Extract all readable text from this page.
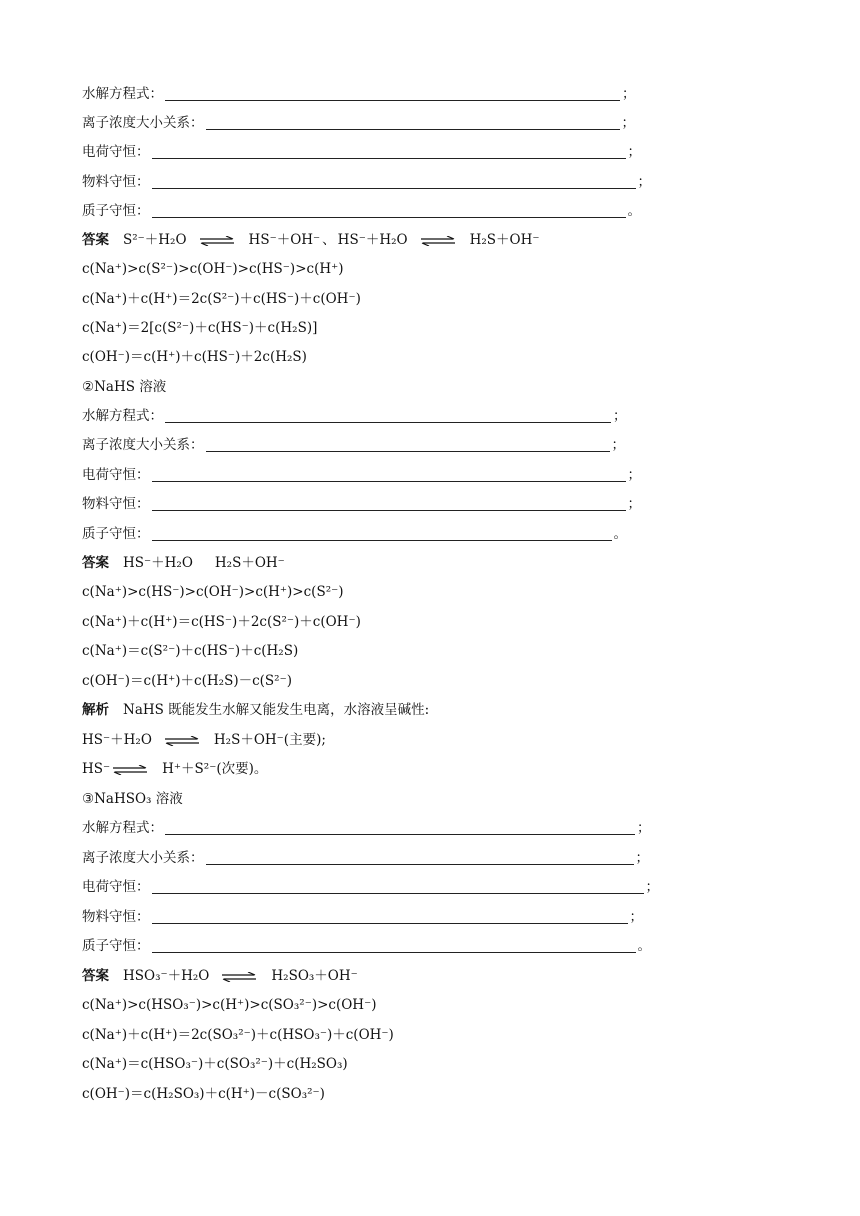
水解方程式：	；
离子浓度大小关系：	；
电荷守恒：	；
物料守恒：	；
质子守恒：	。
答案 S²⁻＋H₂O ⇌ HS⁻＋OH⁻ 、 HS⁻＋H₂O ⇌ H₂S＋OH⁻
c(Na⁺)>c(S²⁻)>c(OH⁻)>c(HS⁻)>c(H⁺)
c(Na⁺)＋c(H⁺)＝2c(S²⁻)＋c(HS⁻)＋c(OH⁻)
c(Na⁺)＝2[c(S²⁻)＋c(HS⁻)＋c(H₂S)]
c(OH⁻)＝c(H⁺)＋c(HS⁻)＋2c(H₂S)
②NaHS 溶液
水解方程式：	；
离子浓度大小关系：	；
电荷守恒：	；
物料守恒：	；
质子守恒：	。
答案 HS⁻＋H₂O H₂S＋OH⁻
c(Na⁺)>c(HS⁻)>c(OH⁻)>c(H⁺)>c(S²⁻)
c(Na⁺)＋c(H⁺)＝c(HS⁻)＋2c(S²⁻)＋c(OH⁻)
c(Na⁺)＝c(S²⁻)＋c(HS⁻)＋c(H₂S)
c(OH⁻)＝c(H⁺)＋c(H₂S)－c(S²⁻)
解析 NaHS 既能发生水解又能发生电离，水溶液呈碱性:
HS⁻＋H₂O ⇌ H₂S＋OH⁻(主要);
HS⁻ ⇌ H⁺＋S²⁻(次要)。
③NaHSO₃ 溶液
水解方程式：	；
离子浓度大小关系：	；
电荷守恒：	；
物料守恒：	；
质子守恒：	。
答案 HSO₃⁻＋H₂O ⇌ H₂SO₃＋OH⁻
c(Na⁺)>c(HSO₃⁻)>c(H⁺)>c(SO₃²⁻)>c(OH⁻)
c(Na⁺)＋c(H⁺)＝2c(SO₃²⁻)＋c(HSO₃⁻)＋c(OH⁻)
c(Na⁺)＝c(HSO₃⁻)＋c(SO₃²⁻)＋c(H₂SO₃)
c(OH⁻)＝c(H₂SO₃)＋c(H⁺)－c(SO₃²⁻)
